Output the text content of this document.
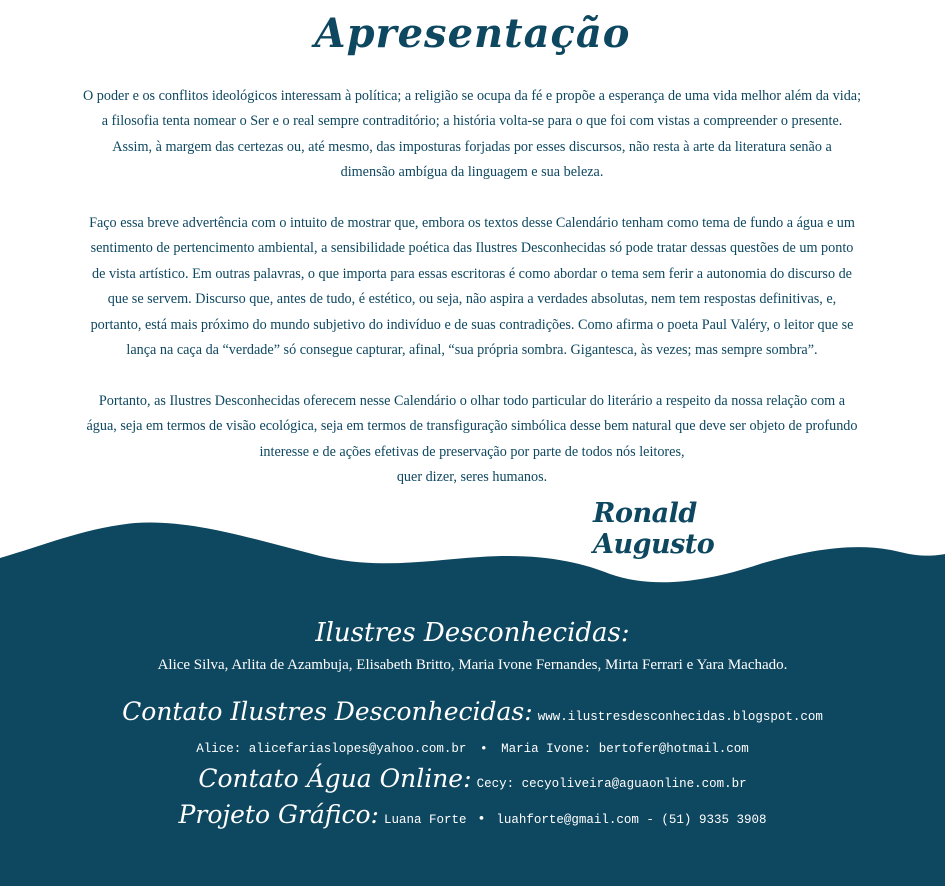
Apresentação

O poder e os conflitos ideológicos interessam à política; a religião se ocupa da fé e propõe a esperança de uma vida melhor além da vida;
a filosofia tenta nomear o Ser e o real sempre contraditório; a história volta-se para o que foi com vistas a compreender o presente.
Assim, à margem das certezas ou, até mesmo, das imposturas forjadas por esses discursos, não resta à arte da literatura senão a
dimensão ambígua da linguagem e sua beleza.

Faço essa breve advertência com o intuito de mostrar que, embora os textos desse Calendário tenham como tema de fundo a água e um
sentimento de pertencimento ambiental, a sensibilidade poética das Ilustres Desconhecidas só pode tratar dessas questões de um ponto
de vista artístico. Em outras palavras, o que importa para essas escritoras é como abordar o tema sem ferir a autonomia do discurso de
que se servem. Discurso que, antes de tudo, é estético, ou seja, não aspira a verdades absolutas, nem tem respostas definitivas, e,
portanto, está mais próximo do mundo subjetivo do indivíduo e de suas contradições. Como afirma o poeta Paul Valéry, o leitor que se
lança na caça da “verdade” só consegue capturar, afinal, “sua própria sombra. Gigantesca, às vezes; mas sempre sombra”.

Portanto, as Ilustres Desconhecidas oferecem nesse Calendário o olhar todo particular do literário a respeito da nossa relação com a
água, seja em termos de visão ecológica, seja em termos de transfiguração simbólica desse bem natural que deve ser objeto de profundo
interesse e de ações efetivas de preservação por parte de todos nós leitores,
quer dizer, seres humanos.

Ronald Augusto
Ilustres Desconhecidas:
Alice Silva, Arlita de Azambuja, Elisabeth Britto, Maria Ivone Fernandes, Mirta Ferrari e Yara Machado.
Contato Ilustres Desconhecidas: www.ilustresdesconhecidas.blogspot.com
Alice: alicefariaslopes@yahoo.com.br • Maria Ivone: bertofer@hotmail.com
Contato Água Online: Cecy: cecyoliveira@aguaonline.com.br
Projeto Gráfico: Luana Forte • luahforte@gmail.com - (51) 9335 3908
